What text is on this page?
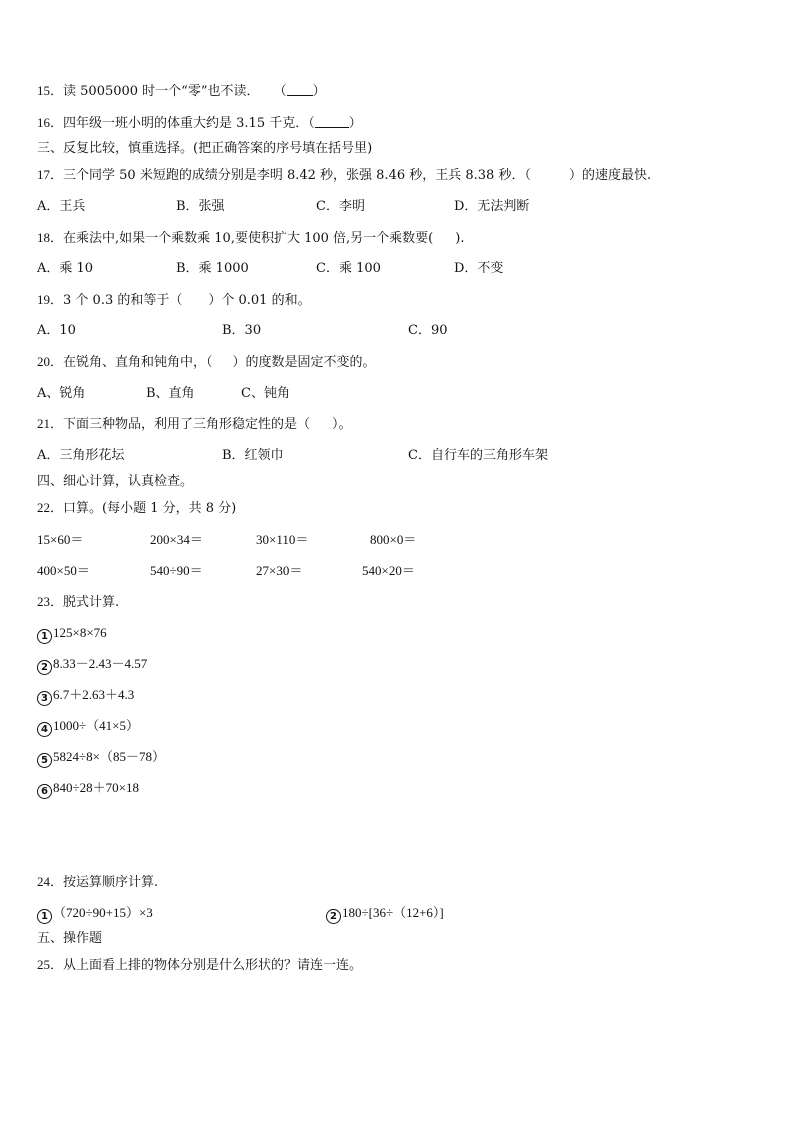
15．读 5005000 时一个“零”也不读． （ ）
16．四年级一班小明的体重大约是 3.15 千克．（	）
三、反复比较，慎重选择。(把正确答案的序号填在括号里)
17．三个同学 50 米短跑的成绩分别是李明 8.42 秒，张强 8.46 秒，王兵 8.38 秒．（	）的速度最快.
A．王兵	B．张强	C．李明	D．无法判断
18．在乘法中,如果一个乘数乘 10,要使积扩大 100 倍,另一个乘数要( ).
A．乘 10	B．乘 1000	C．乘 100	D．不变
19．3 个 0.3 的和等于（ ）个 0.01 的和。
A．10	B．30	C．90
20．在锐角、直角和钝角中，（ ）的度数是固定不变的。
A、锐角	B、直角	C、钝角
21．下面三种物品，利用了三角形稳定性的是（ ）。
A．三角形花坛	B．红领巾	C．自行车的三角形车架
四、细心计算，认真检查。
22．口算。(每小题 1 分，共 8 分)
15×60＝	200×34＝	30×110＝	800×0＝
400×50＝	540÷90＝	27×30＝	540×20＝
23．脱式计算.
1 125×8×76
2 8.33－2.43－4.57
3 6.7＋2.63＋4.3
4 1000÷（41×5）
5 5824÷8×（85－78）
6 840÷28＋70×18
24．按运算顺序计算.
1 （720÷90+15）×3	2 180÷[36÷（12+6）]
五、操作题
25．从上面看上排的物体分别是什么形状的？请连一连。
